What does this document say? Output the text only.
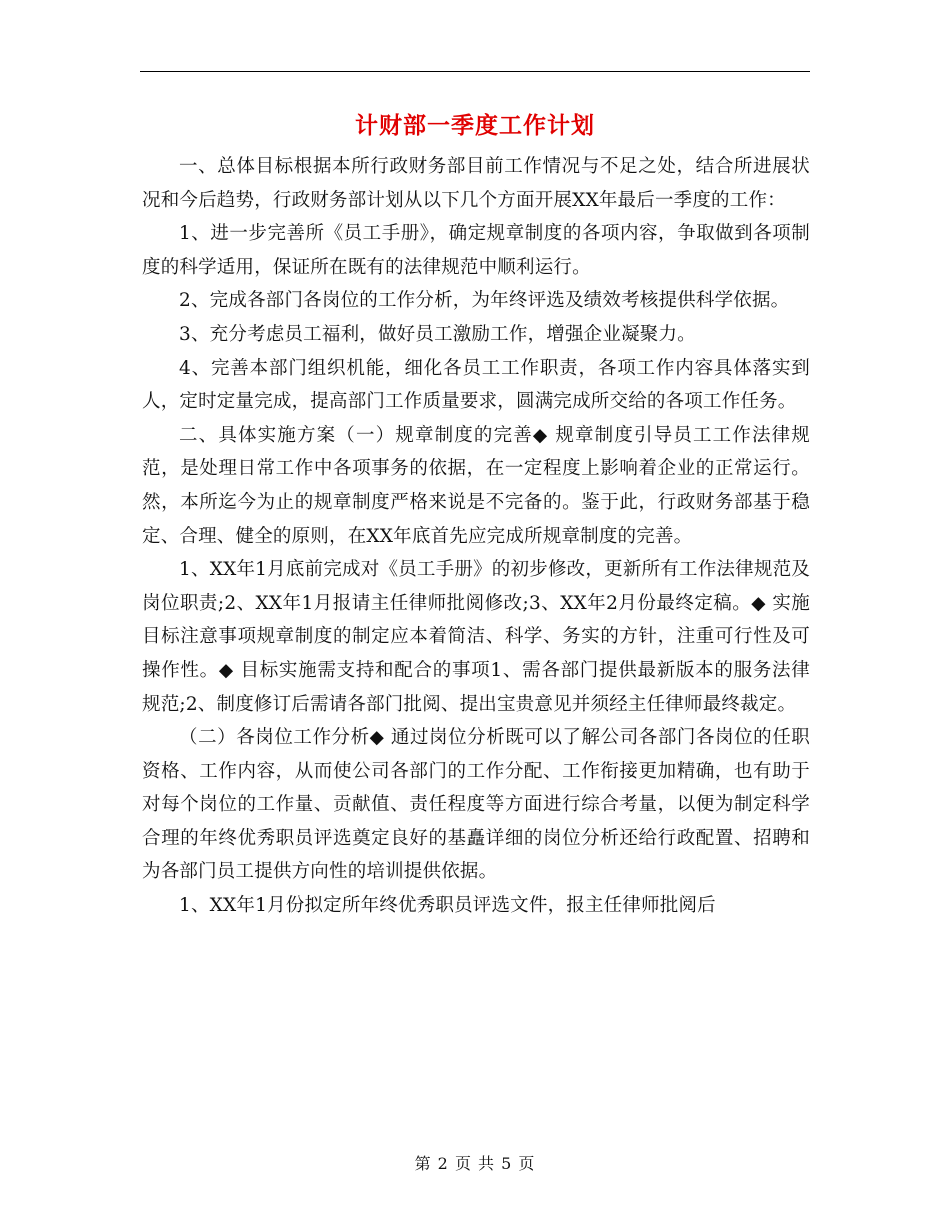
计财部一季度工作计划

一、总体目标根据本所行政财务部目前工作情况与不足之处，结合所进展状况和今后趋势，行政财务部计划从以下几个方面开展XX年最后一季度的工作：

1、进一步完善所《员工手册》，确定规章制度的各项内容，争取做到各项制度的科学适用，保证所在既有的法律规范中顺利运行。

2、完成各部门各岗位的工作分析，为年终评选及绩效考核提供科学依据。

3、充分考虑员工福利，做好员工激励工作，增强企业凝聚力。

4、完善本部门组织机能，细化各员工工作职责，各项工作内容具体落实到人，定时定量完成，提高部门工作质量要求，圆满完成所交给的各项工作任务。

二、具体实施方案（一）规章制度的完善◆ 规章制度引导员工工作法律规范，是处理日常工作中各项事务的依据，在一定程度上影响着企业的正常运行。然，本所迄今为止的规章制度严格来说是不完备的。鉴于此，行政财务部基于稳定、合理、健全的原则，在XX年底首先应完成所规章制度的完善。

1、XX年1月底前完成对《员工手册》的初步修改，更新所有工作法律规范及岗位职责;2、XX年1月报请主任律师批阅修改;3、XX年2月份最终定稿。◆ 实施目标注意事项规章制度的制定应本着简洁、科学、务实的方针，注重可行性及可操作性。◆ 目标实施需支持和配合的事项1、需各部门提供最新版本的服务法律规范;2、制度修订后需请各部门批阅、提出宝贵意见并须经主任律师最终裁定。

（二）各岗位工作分析◆ 通过岗位分析既可以了解公司各部门各岗位的任职资格、工作内容，从而使公司各部门的工作分配、工作衔接更加精确，也有助于对每个岗位的工作量、贡献值、责任程度等方面进行综合考量，以便为制定科学合理的年终优秀职员评选奠定良好的基矗详细的岗位分析还给行政配置、招聘和为各部门员工提供方向性的培训提供依据。

1、XX年1月份拟定所年终优秀职员评选文件，报主任律师批阅后

第 2 页 共 5 页
